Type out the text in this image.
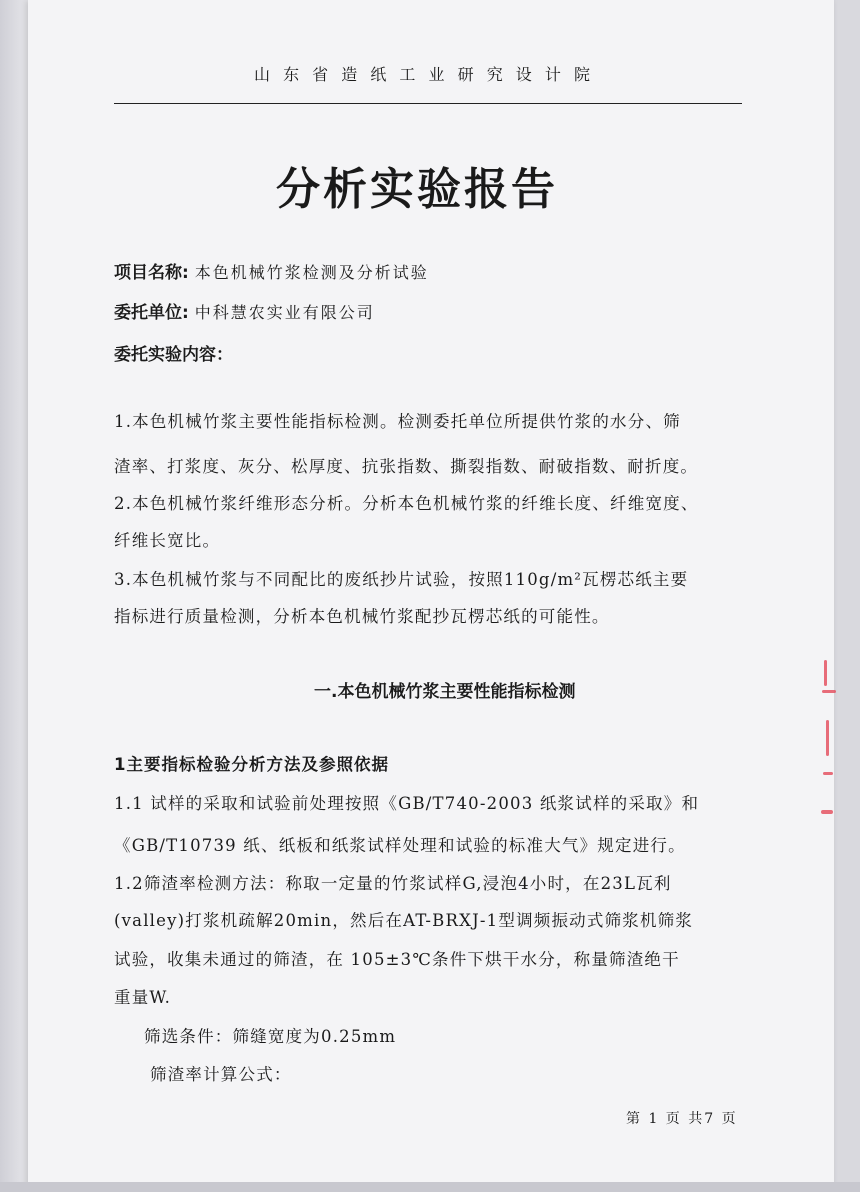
山 东 省 造 纸 工 业 研 究 设 计 院
分析实验报告
项目名称: 本色机械竹浆检测及分析试验
委托单位: 中科慧农实业有限公司
委托实验内容：
1.本色机械竹浆主要性能指标检测。检测委托单位所提供竹浆的水分、筛
渣率、打浆度、灰分、松厚度、抗张指数、撕裂指数、耐破指数、耐折度。
2.本色机械竹浆纤维形态分析。分析本色机械竹浆的纤维长度、纤维宽度、
纤维长宽比。
3.本色机械竹浆与不同配比的废纸抄片试验，按照110g/m²瓦楞芯纸主要
指标进行质量检测，分析本色机械竹浆配抄瓦楞芯纸的可能性。
一.本色机械竹浆主要性能指标检测
1主要指标检验分析方法及参照依据
1.1 试样的采取和试验前处理按照《GB/T740-2003 纸浆试样的采取》和
《GB/T10739 纸、纸板和纸浆试样处理和试验的标准大气》规定进行。
1.2筛渣率检测方法：称取一定量的竹浆试样G,浸泡4小时，在23L瓦利
(valley)打浆机疏解20min，然后在AT-BRXJ-1型调频振动式筛浆机筛浆
试验，收集未通过的筛渣，在 105±3℃条件下烘干水分，称量筛渣绝干
重量W.
筛选条件：筛缝宽度为0.25mm
筛渣率计算公式：
第 1 页 共7 页
